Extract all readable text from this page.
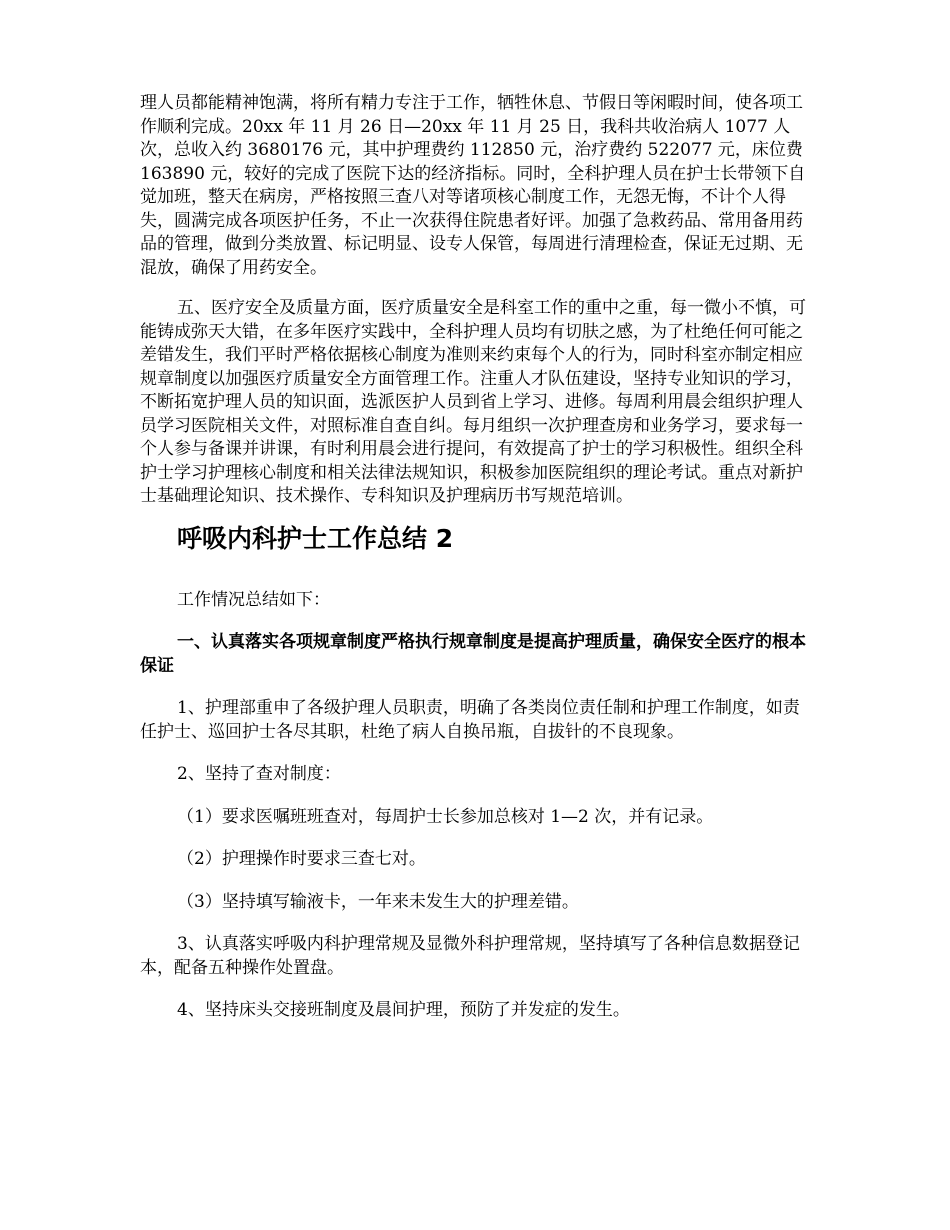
理人员都能精神饱满，将所有精力专注于工作，牺牲休息、节假日等闲暇时间，使各项工作顺利完成。20xx 年 11 月 26 日—20xx 年 11 月 25 日，我科共收治病人 1077 人次，总收入约 3680176 元，其中护理费约 112850 元，治疗费约 522077 元，床位费 163890 元，较好的完成了医院下达的经济指标。同时，全科护理人员在护士长带领下自觉加班，整天在病房，严格按照三查八对等诸项核心制度工作，无怨无悔，不计个人得失，圆满完成各项医护任务，不止一次获得住院患者好评。加强了急救药品、常用备用药品的管理，做到分类放置、标记明显、设专人保管，每周进行清理检查，保证无过期、无混放，确保了用药安全。

五、医疗安全及质量方面，医疗质量安全是科室工作的重中之重，每一微小不慎，可能铸成弥天大错，在多年医疗实践中，全科护理人员均有切肤之感，为了杜绝任何可能之差错发生，我们平时严格依据核心制度为准则来约束每个人的行为，同时科室亦制定相应规章制度以加强医疗质量安全方面管理工作。注重人才队伍建设，坚持专业知识的学习，不断拓宽护理人员的知识面，选派医护人员到省上学习、进修。每周利用晨会组织护理人员学习医院相关文件，对照标准自查自纠。每月组织一次护理查房和业务学习，要求每一个人参与备课并讲课，有时利用晨会进行提问，有效提高了护士的学习积极性。组织全科护士学习护理核心制度和相关法律法规知识，积极参加医院组织的理论考试。重点对新护士基础理论知识、技术操作、专科知识及护理病历书写规范培训。

呼吸内科护士工作总结 2

工作情况总结如下：

一、认真落实各项规章制度严格执行规章制度是提高护理质量，确保安全医疗的根本保证

1、护理部重申了各级护理人员职责，明确了各类岗位责任制和护理工作制度，如责任护士、巡回护士各尽其职，杜绝了病人自换吊瓶，自拔针的不良现象。

2、坚持了查对制度：

（1）要求医嘱班班查对，每周护士长参加总核对 1—2 次，并有记录。

（2）护理操作时要求三查七对。

（3）坚持填写输液卡，一年来未发生大的护理差错。

3、认真落实呼吸内科护理常规及显微外科护理常规，坚持填写了各种信息数据登记本，配备五种操作处置盘。

4、坚持床头交接班制度及晨间护理，预防了并发症的发生。
